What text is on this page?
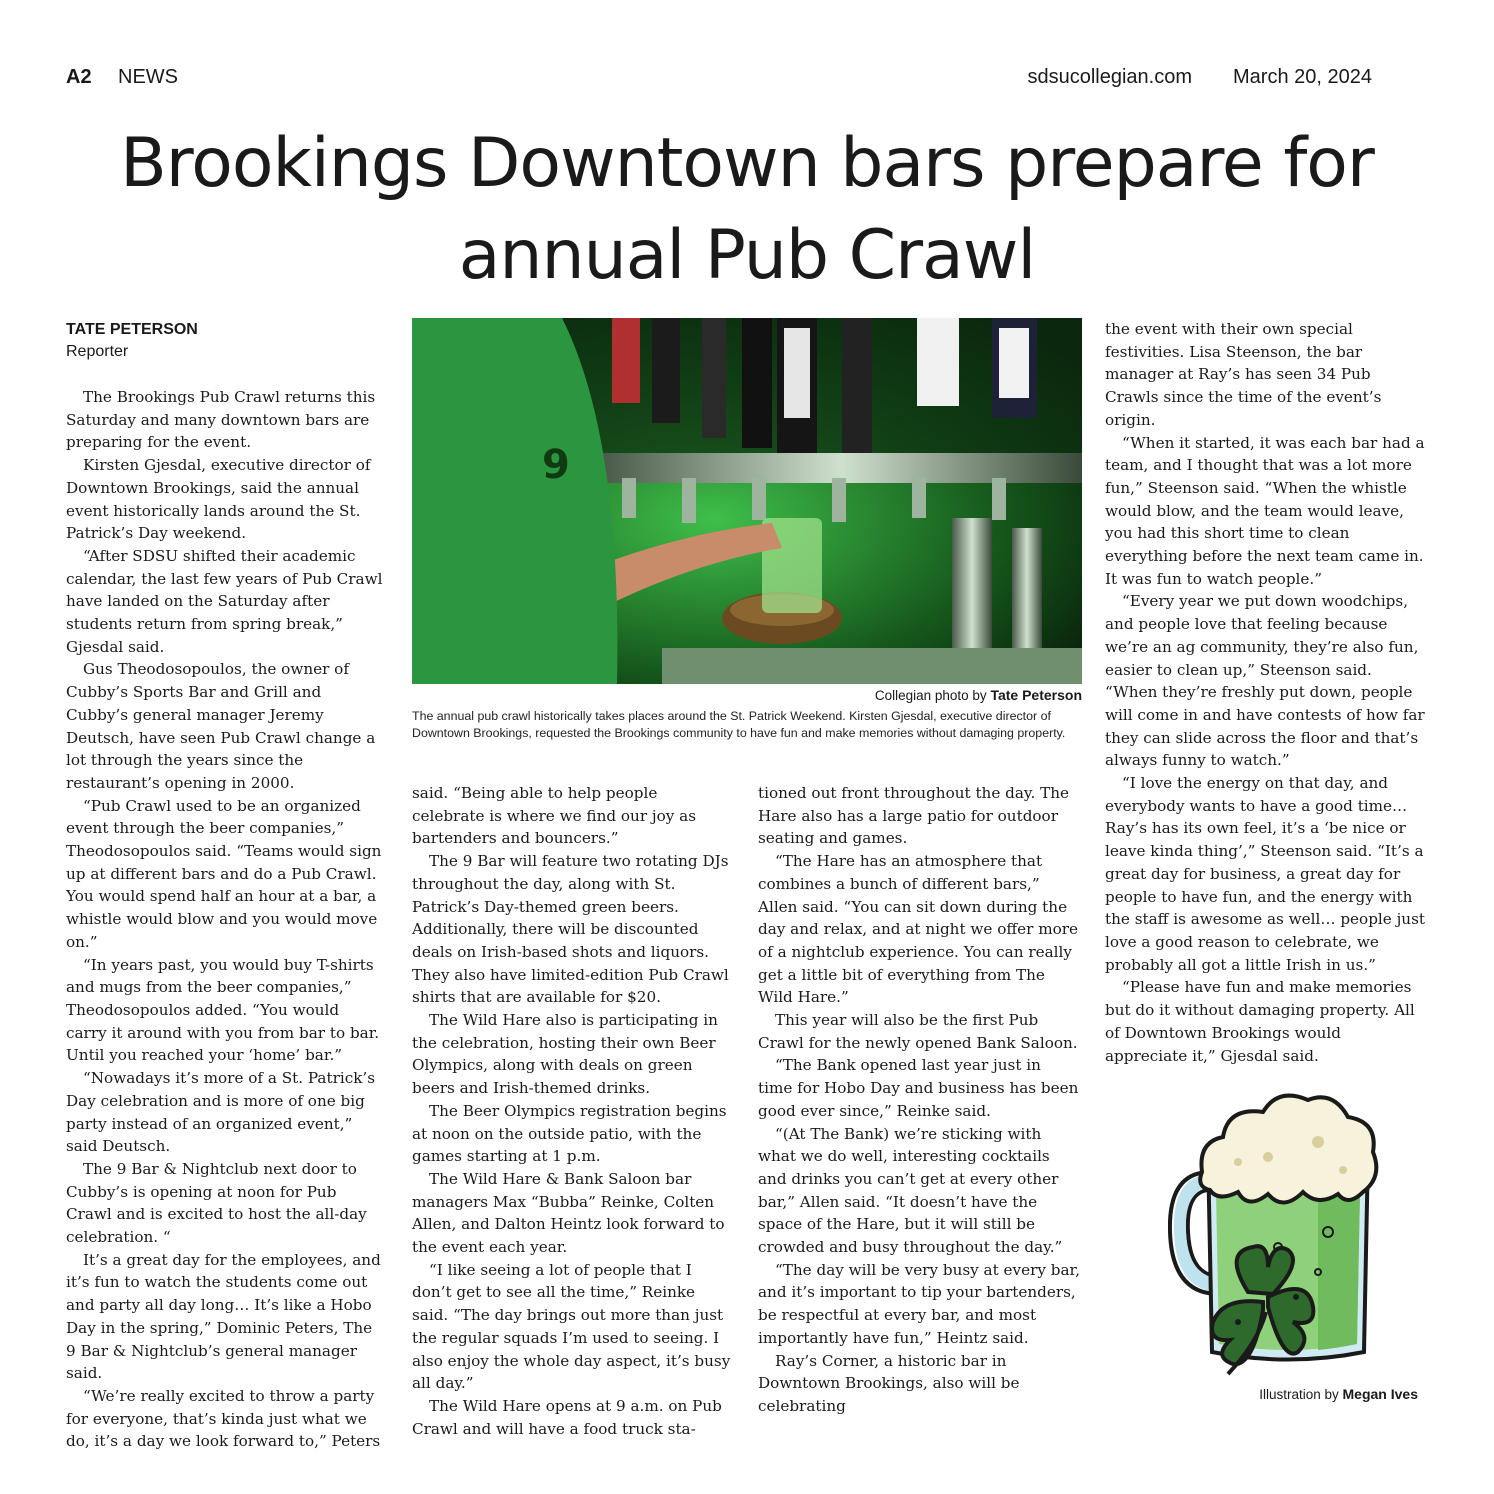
A2 NEWS	sdsucollegian.com March 20, 2024
Brookings Downtown bars prepare for annual Pub Crawl
TATE PETERSON
Reporter

The Brookings Pub Crawl returns this Saturday and many downtown bars are preparing for the event.

Kirsten Gjesdal, executive director of Downtown Brookings, said the annual event historically lands around the St. Patrick’s Day weekend.

“After SDSU shifted their academic calendar, the last few years of Pub Crawl have landed on the Saturday after students return from spring break,” Gjesdal said.

Gus Theodosopoulos, the owner of Cubby’s Sports Bar and Grill and Cubby’s general manager Jeremy Deutsch, have seen Pub Crawl change a lot through the years since the restaurant’s opening in 2000.

“Pub Crawl used to be an organized event through the beer companies,” Theodosopoulos said. “Teams would sign up at different bars and do a Pub Crawl. You would spend half an hour at a bar, a whistle would blow and you would move on.”

“In years past, you would buy T-shirts and mugs from the beer companies,” Theodosopoulos added. “You would carry it around with you from bar to bar. Until you reached your ‘home’ bar.”

“Nowadays it’s more of a St. Patrick’s Day celebration and is more of one big party instead of an organized event,” said Deutsch.

The 9 Bar & Nightclub next door to Cubby’s is opening at noon for Pub Crawl and is excited to host the all-day celebration. “

It’s a great day for the employees, and it’s fun to watch the students come out and party all day long… It’s like a Hobo Day in the spring,” Dominic Peters, The 9 Bar & Nightclub’s general manager said.

“We’re really excited to throw a party for everyone, that’s kinda just what we do, it’s a day we look forward to,” Peters

9
Collegian photo by Tate Peterson
The annual pub crawl historically takes places around the St. Patrick Weekend. Kirsten Gjesdal, executive director of Downtown Brookings, requested the Brookings community to have fun and make memories without damaging property.

said. “Being able to help people celebrate is where we find our joy as bartenders and bouncers.”

The 9 Bar will feature two rotating DJs throughout the day, along with St. Patrick’s Day-themed green beers. Additionally, there will be discounted deals on Irish-based shots and liquors. They also have limited-edition Pub Crawl shirts that are available for $20.

The Wild Hare also is participating in the celebration, hosting their own Beer Olympics, along with deals on green beers and Irish-themed drinks.

The Beer Olympics registration begins at noon on the outside patio, with the games starting at 1 p.m.

The Wild Hare & Bank Saloon bar managers Max “Bubba” Reinke, Colten Allen, and Dalton Heintz look forward to the event each year.

“I like seeing a lot of people that I don’t get to see all the time,” Reinke said. “The day brings out more than just the regular squads I’m used to seeing. I also enjoy the whole day aspect, it’s busy all day.”

The Wild Hare opens at 9 a.m. on Pub Crawl and will have a food truck sta-

tioned out front throughout the day. The Hare also has a large patio for outdoor seating and games.

“The Hare has an atmosphere that combines a bunch of different bars,” Allen said. “You can sit down during the day and relax, and at night we offer more of a nightclub experience. You can really get a little bit of everything from The Wild Hare.”

This year will also be the first Pub Crawl for the newly opened Bank Saloon.

“The Bank opened last year just in time for Hobo Day and business has been good ever since,” Reinke said.

“(At The Bank) we’re sticking with what we do well, interesting cocktails and drinks you can’t get at every other bar,” Allen said. “It doesn’t have the space of the Hare, but it will still be crowded and busy throughout the day.”

“The day will be very busy at every bar, and it’s important to tip your bartenders, be respectful at every bar, and most importantly have fun,” Heintz said.

Ray’s Corner, a historic bar in Downtown Brookings, also will be celebrating

the event with their own special festivities. Lisa Steenson, the bar manager at Ray’s has seen 34 Pub Crawls since the time of the event’s origin.

“When it started, it was each bar had a team, and I thought that was a lot more fun,” Steenson said. “When the whistle would blow, and the team would leave, you had this short time to clean everything before the next team came in. It was fun to watch people.”

“Every year we put down woodchips, and people love that feeling because we’re an ag community, they’re also fun, easier to clean up,” Steenson said. “When they’re freshly put down, people will come in and have contests of how far they can slide across the floor and that’s always funny to watch.”

“I love the energy on that day, and everybody wants to have a good time… Ray’s has its own feel, it’s a ‘be nice or leave kinda thing’,” Steenson said. “It’s a great day for business, a great day for people to have fun, and the energy with the staff is awesome as well… people just love a good reason to celebrate, we probably all got a little Irish in us.”

“Please have fun and make memories but do it without damaging property. All of Downtown Brookings would appreciate it,” Gjesdal said.

Illustration by Megan Ives
